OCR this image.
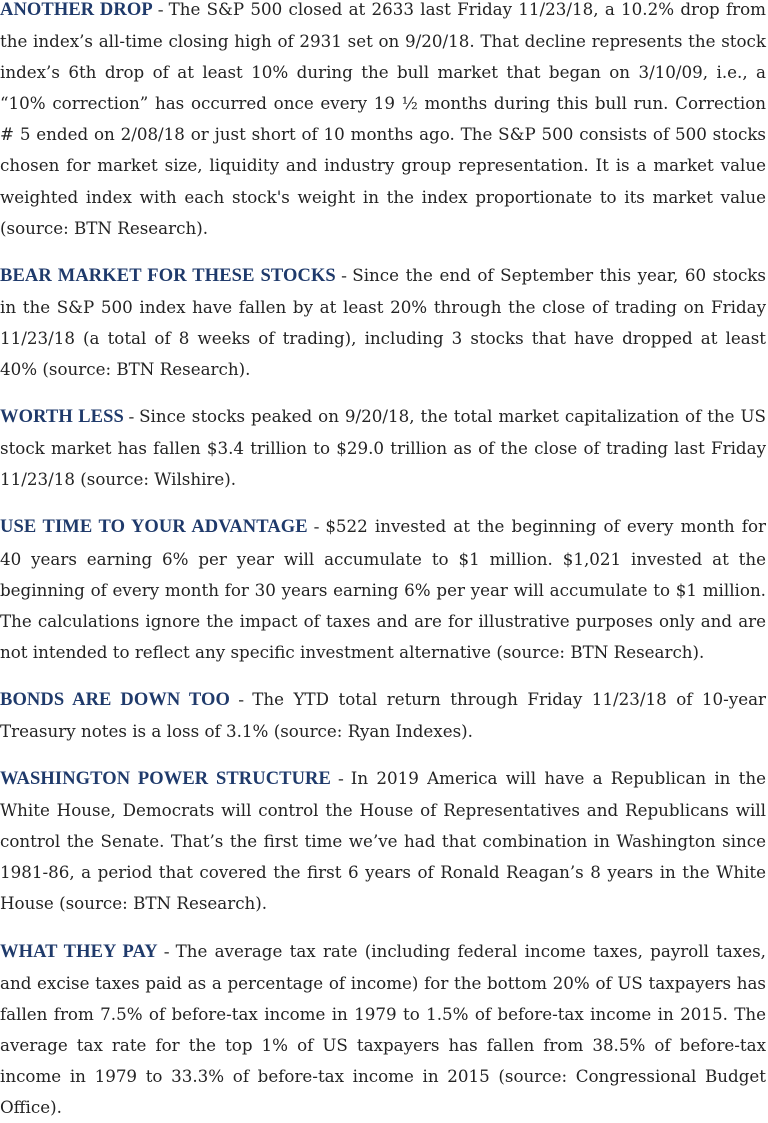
ANOTHER DROP - The S&P 500 closed at 2633 last Friday 11/23/18, a 10.2% drop from the index’s all-time closing high of 2931 set on 9/20/18. That decline represents the stock index’s 6th drop of at least 10% during the bull market that began on 3/10/09, i.e., a “10% correction” has occurred once every 19 ½ months during this bull run. Correction # 5 ended on 2/08/18 or just short of 10 months ago. The S&P 500 consists of 500 stocks chosen for market size, liquidity and industry group representation. It is a market value weighted index with each stock's weight in the index proportionate to its market value (source: BTN Research).

BEAR MARKET FOR THESE STOCKS - Since the end of September this year, 60 stocks in the S&P 500 index have fallen by at least 20% through the close of trading on Friday 11/23/18 (a total of 8 weeks of trading), including 3 stocks that have dropped at least 40% (source: BTN Research).

WORTH LESS - Since stocks peaked on 9/20/18, the total market capitalization of the US stock market has fallen $3.4 trillion to $29.0 trillion as of the close of trading last Friday 11/23/18 (source: Wilshire).

USE TIME TO YOUR ADVANTAGE - $522 invested at the beginning of every month for 40 years earning 6% per year will accumulate to $1 million. $1,021 invested at the beginning of every month for 30 years earning 6% per year will accumulate to $1 million. The calculations ignore the impact of taxes and are for illustrative purposes only and are not intended to reflect any specific investment alternative (source: BTN Research).

BONDS ARE DOWN TOO - The YTD total return through Friday 11/23/18 of 10-year Treasury notes is a loss of 3.1% (source: Ryan Indexes).

WASHINGTON POWER STRUCTURE - In 2019 America will have a Republican in the White House, Democrats will control the House of Representatives and Republicans will control the Senate. That’s the first time we’ve had that combination in Washington since 1981-86, a period that covered the first 6 years of Ronald Reagan’s 8 years in the White House (source: BTN Research).

WHAT THEY PAY - The average tax rate (including federal income taxes, payroll taxes, and excise taxes paid as a percentage of income) for the bottom 20% of US taxpayers has fallen from 7.5% of before-tax income in 1979 to 1.5% of before-tax income in 2015. The average tax rate for the top 1% of US taxpayers has fallen from 38.5% of before-tax income in 1979 to 33.3% of before-tax income in 2015 (source: Congressional Budget Office).
